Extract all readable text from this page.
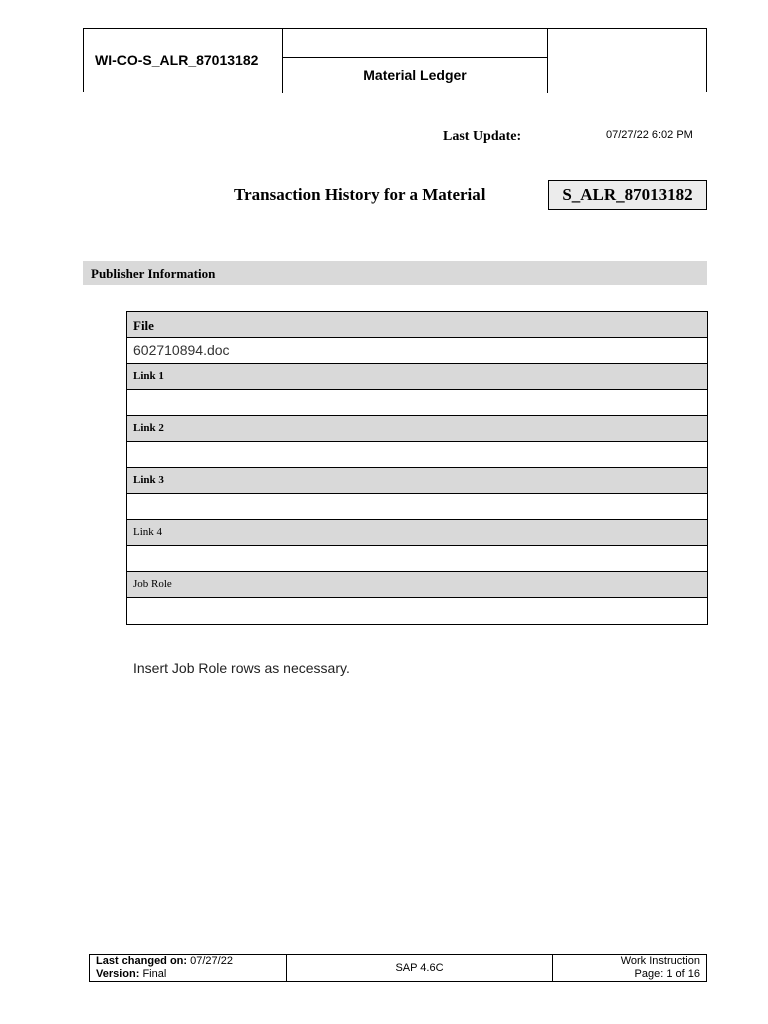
WI-CO-S_ALR_87013182
Material Ledger
Last Update:	07/27/22 6:02 PM
Transaction History for a Material	S_ALR_87013182
Publisher Information
File
602710894.doc
Link 1
Link 2
Link 3
Link 4
Job Role
Insert Job Role rows as necessary.
Last changed on: 07/27/22
Version: Final	SAP 4.6C
Work Instruction
Page: 1 of 16
